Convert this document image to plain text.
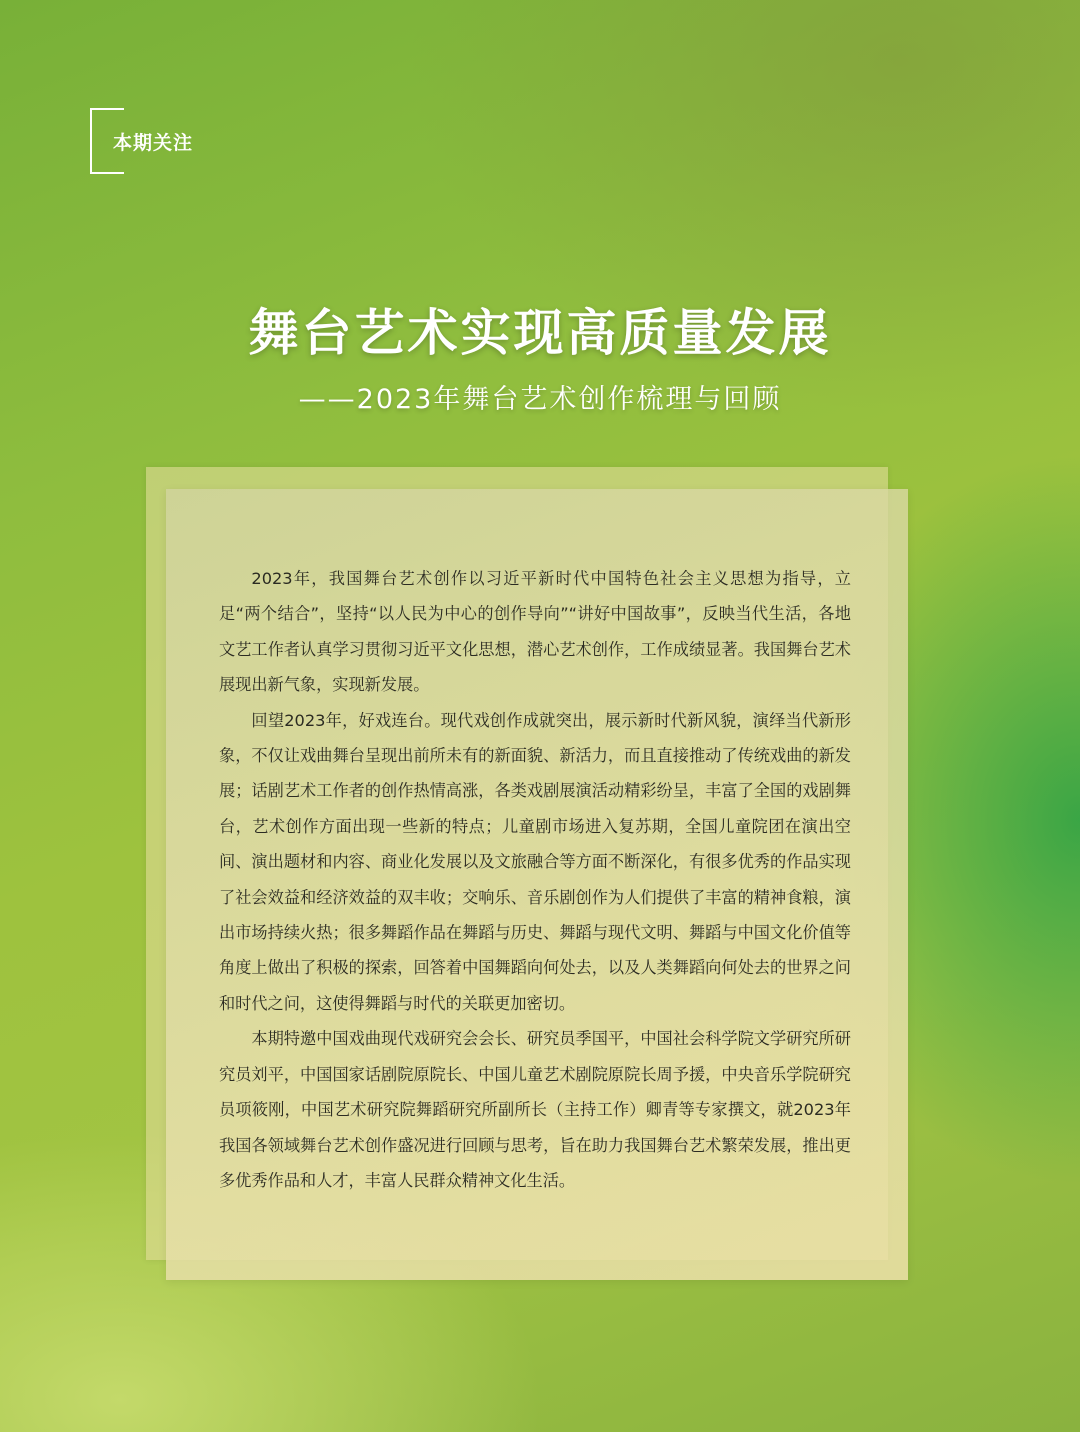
本期关注
舞台艺术实现高质量发展
——2023年舞台艺术创作梳理与回顾

2023年，我国舞台艺术创作以习近平新时代中国特色社会主义思想为指导，立足“两个结合”，坚持“以人民为中心的创作导向”“讲好中国故事”，反映当代生活，各地文艺工作者认真学习贯彻习近平文化思想，潜心艺术创作，工作成绩显著。我国舞台艺术展现出新气象，实现新发展。

回望2023年，好戏连台。现代戏创作成就突出，展示新时代新风貌，演绎当代新形象，不仅让戏曲舞台呈现出前所未有的新面貌、新活力，而且直接推动了传统戏曲的新发展；话剧艺术工作者的创作热情高涨，各类戏剧展演活动精彩纷呈，丰富了全国的戏剧舞台，艺术创作方面出现一些新的特点；儿童剧市场进入复苏期，全国儿童院团在演出空间、演出题材和内容、商业化发展以及文旅融合等方面不断深化，有很多优秀的作品实现了社会效益和经济效益的双丰收；交响乐、音乐剧创作为人们提供了丰富的精神食粮，演出市场持续火热；很多舞蹈作品在舞蹈与历史、舞蹈与现代文明、舞蹈与中国文化价值等角度上做出了积极的探索，回答着中国舞蹈向何处去，以及人类舞蹈向何处去的世界之问和时代之问，这使得舞蹈与时代的关联更加密切。

本期特邀中国戏曲现代戏研究会会长、研究员季国平，中国社会科学院文学研究所研究员刘平，中国国家话剧院原院长、中国儿童艺术剧院原院长周予援，中央音乐学院研究员项筱刚，中国艺术研究院舞蹈研究所副所长（主持工作）卿青等专家撰文，就2023年我国各领域舞台艺术创作盛况进行回顾与思考，旨在助力我国舞台艺术繁荣发展，推出更多优秀作品和人才，丰富人民群众精神文化生活。
